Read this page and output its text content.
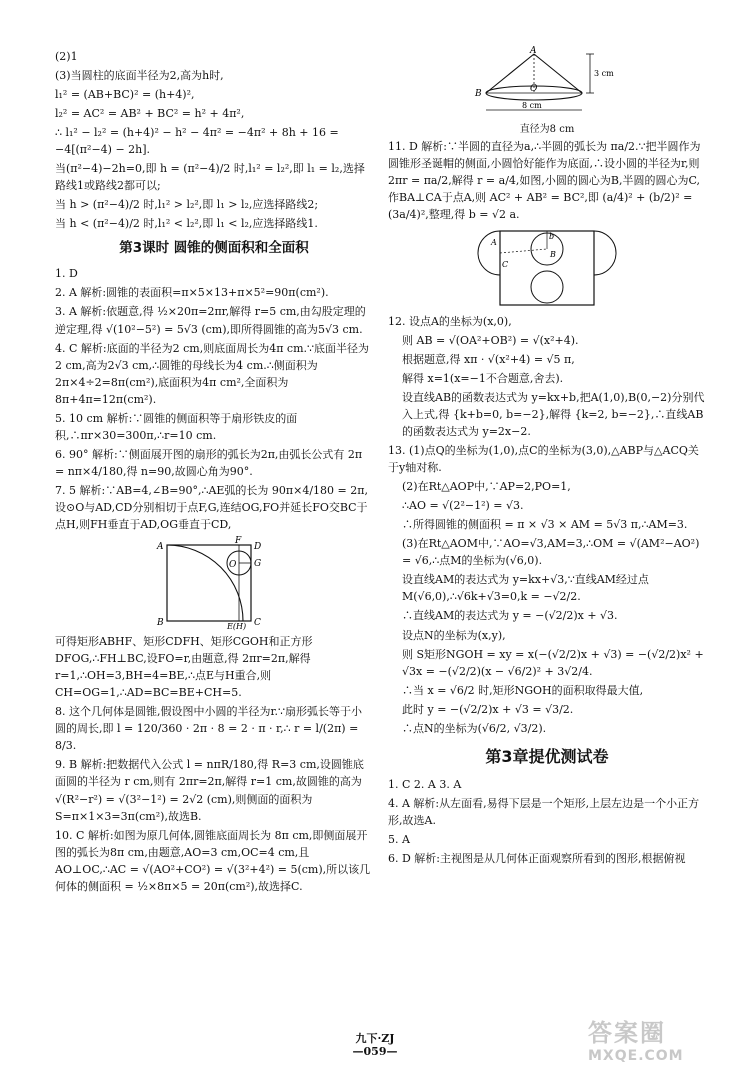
(2)1

(3)当圆柱的底面半径为2,高为h时,

l₁² = (AB+BC)² = (h+4)²,

l₂² = AC² = AB² + BC² = h² + 4π²,

∴ l₁² − l₂² = (h+4)² − h² − 4π² = −4π² + 8h + 16 = −4[(π²−4) − 2h].

当(π²−4)−2h=0,即 h = (π²−4)/2 时,l₁² = l₂²,即 l₁ = l₂,选择路线1或路线2都可以;

当 h > (π²−4)/2 时,l₁² > l₂²,即 l₁ > l₂,应选择路线2;

当 h < (π²−4)/2 时,l₁² < l₂²,即 l₁ < l₂,应选择路线1.

第3课时 圆锥的侧面积和全面积

1. D

2. A 解析:圆锥的表面积=π×5×13+π×5²=90π(cm²).

3. A 解析:依题意,得 ½×20π=2πr,解得 r=5 cm,由勾股定理的逆定理,得 √(10²−5²) = 5√3 (cm),即所得圆锥的高为5√3 cm.

4. C 解析:底面的半径为2 cm,则底面周长为4π cm.∵底面半径为2 cm,高为2√3 cm,∴圆锥的母线长为4 cm.∴侧面积为2π×4÷2=8π(cm²),底面积为4π cm²,全面积为8π+4π=12π(cm²).

5. 10 cm 解析:∵圆锥的侧面积等于扇形铁皮的面积,∴πr×30=300π,∴r=10 cm.

6. 90° 解析:∵侧面展开图的扇形的弧长为2π,由弧长公式有 2π = nπ×4/180,得 n=90,故圆心角为90°.

7. 5 解析:∵AB=4,∠B=90°,∴AE弧的长为 90π×4/180 = 2π,设⊙O与AD,CD分别相切于点F,G,连结OG,FO并延长FO交BC于点H,则FH垂直于AD,OG垂直于CD,

A
B	C
D
F
G
O
E(H)

可得矩形ABHF、矩形CDFH、矩形CGOH和正方形DFOG,∴FH⊥BC,设FO=r,由题意,得 2πr=2π,解得 r=1,∴OH=3,BH=4=BE,∴点E与H重合,则CH=OG=1,∴AD=BC=BE+CH=5.

8. 这个几何体是圆锥,假设图中小圆的半径为r.∵扇形弧长等于小圆的周长,即 l = 120/360 · 2π · 8 = 2 · π · r,∴ r = l/(2π) = 8/3.

9. B 解析:把数据代入公式 l = nπR/180,得 R=3 cm,设圆锥底面圆的半径为 r cm,则有 2πr=2π,解得 r=1 cm,故圆锥的高为 √(R²−r²) = √(3²−1²) = 2√2 (cm),则侧面的面积为 S=π×1×3=3π(cm²),故选B.

10. C 解析:如图为原几何体,圆锥底面周长为 8π cm,即侧面展开图的弧长为8π cm,由题意,AO=3 cm,OC=4 cm,且AO⊥OC,∴AC = √(AO²+CO²) = √(3²+4²) = 5(cm),所以该几何体的侧面积 = ½×8π×5 = 20π(cm²),故选择C.

A
B	O
3 cm
8 cm
直径为8 cm

11. D 解析:∵半圆的直径为a,∴半圆的弧长为 πa/2.∵把半圆作为圆锥形圣诞帽的侧面,小圆恰好能作为底面,∴设小圆的半径为r,则 2πr = πa/2,解得 r = a/4,如图,小圆的圆心为B,半圆的圆心为C,作BA⊥CA于点A,则 AC² + AB² = BC²,即 (a/4)² + (b/2)² = (3a/4)²,整理,得 b = √2 a.

A
B
C
b

12. 设点A的坐标为(x,0),

则 AB = √(OA²+OB²) = √(x²+4).

根据题意,得 xπ · √(x²+4) = √5 π,

解得 x=1(x=−1不合题意,舍去).

设直线AB的函数表达式为 y=kx+b,把A(1,0),B(0,−2)分别代入上式,得 {k+b=0, b=−2},解得 {k=2, b=−2},∴直线AB的函数表达式为 y=2x−2.

13. (1)点Q的坐标为(1,0),点C的坐标为(3,0),△ABP与△ACQ关于y轴对称.

(2)在Rt△AOP中,∵AP=2,PO=1,

∴AO = √(2²−1²) = √3.

∴所得圆锥的侧面积 = π × √3 × AM = 5√3 π,∴AM=3.

(3)在Rt△AOM中,∵AO=√3,AM=3,∴OM = √(AM²−AO²) = √6,∴点M的坐标为(√6,0).

设直线AM的表达式为 y=kx+√3,∵直线AM经过点M(√6,0),∴√6k+√3=0,k = −√2/2.

∴直线AM的表达式为 y = −(√2/2)x + √3.

设点N的坐标为(x,y),

则 S矩形NGOH = xy = x(−(√2/2)x + √3) = −(√2/2)x² + √3x = −(√2/2)(x − √6/2)² + 3√2/4.

∴当 x = √6/2 时,矩形NGOH的面积取得最大值,

此时 y = −(√2/2)x + √3 = √3/2.

∴点N的坐标为(√6/2, √3/2).

第3章提优测试卷

1. C 2. A 3. A

4. A 解析:从左面看,易得下层是一个矩形,上层左边是一个小正方形,故选A.

5. A

6. D 解析:主视图是从几何体正面观察所看到的图形,根据俯视

九下·ZJ
—059—
答案圈
MXQE.COM
